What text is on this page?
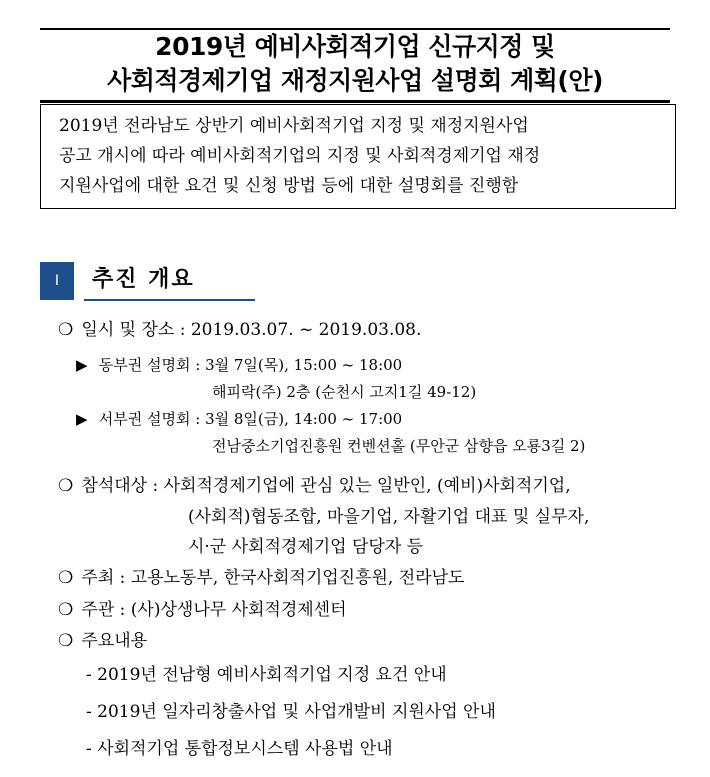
2019년 예비사회적기업 신규지정 및
사회적경제기업 재정지원사업 설명회 계획(안)
2019년 전라남도 상반기 예비사회적기업 지정 및 재정지원사업
공고 개시에 따라 예비사회적기업의 지정 및 사회적경제기업 재정
지원사업에 대한 요건 및 신청 방법 등에 대한 설명회를 진행함
I	추진 개요
❍ 일시 및 장소 : 2019.03.07. ~ 2019.03.08.
▶ 동부권 설명회 : 3월 7일(목), 15:00 ~ 18:00
해피락(주) 2층 (순천시 고지1길 49-12)
▶ 서부권 설명회 : 3월 8일(금), 14:00 ~ 17:00
전남중소기업진흥원 컨벤션홀 (무안군 삼향읍 오룡3길 2)
❍ 참석대상 : 사회적경제기업에 관심 있는 일반인, (예비)사회적기업,
(사회적)협동조합, 마을기업, 자활기업 대표 및 실무자,
시·군 사회적경제기업 담당자 등
❍ 주최 : 고용노동부, 한국사회적기업진흥원, 전라남도
❍ 주관 : (사)상생나무 사회적경제센터
❍ 주요내용
- 2019년 전남형 예비사회적기업 지정 요건 안내
- 2019년 일자리창출사업 및 사업개발비 지원사업 안내
- 사회적기업 통합정보시스템 사용법 안내
